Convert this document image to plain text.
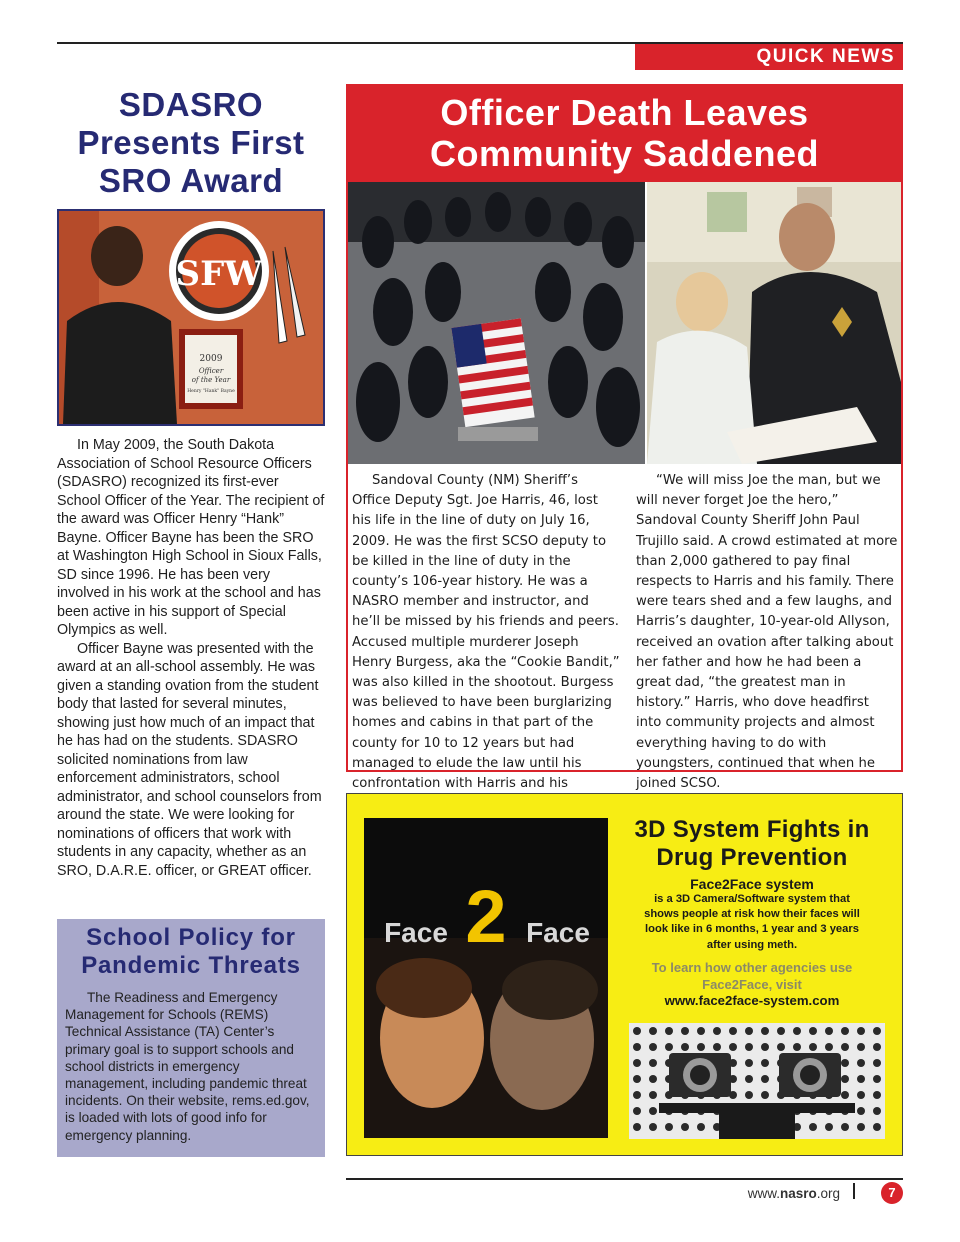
QUICK NEWS
SDASRO Presents First SRO Award
SFW
2009
Officer
of the Year
Henry "Hank" Bayne

In May 2009, the South Dakota Association of School Resource Officers (SDASRO) recognized its first-ever School Officer of the Year. The recipient of the award was Officer Henry “Hank” Bayne. Officer Bayne has been the SRO at Washington High School in Sioux Falls, SD since 1996. He has been very involved in his work at the school and has been active in his support of Special Olympics as well.

Officer Bayne was presented with the award at an all-school assembly. He was given a standing ovation from the student body that lasted for several minutes, showing just how much of an impact that he has had on the students. SDASRO solicited nominations from law enforcement administrators, school administrator, and school counselors from around the state. We were looking for nominations of officers that work with students in any capacity, whether as an SRO, D.A.R.E. officer, or GREAT officer.

School Policy for Pandemic Threats

The Readiness and Emergency Management for Schools (REMS) Technical Assistance (TA) Center’s primary goal is to support schools and school districts in emergency management, including pandemic threat incidents. On their website, rems.ed.gov, is loaded with lots of good info for emergency planning.

Officer Death Leaves Community Saddened

Sandoval County (NM) Sheriff’s Office Deputy Sgt. Joe Harris, 46, lost his life in the line of duty on July 16, 2009. He was the first SCSO deputy to be killed in the line of duty in the county’s 106-year history. He was a NASRO member and instructor, and he’ll be missed by his friends and peers. Accused multiple murderer Joseph Henry Burgess, aka the “Cookie Bandit,” was also killed in the shootout. Burgess was believed to have been burglarizing homes and cabins in that part of the county for 10 to 12 years but had managed to elude the law until his confrontation with Harris and his

“We will miss Joe the man, but we will never forget Joe the hero,” Sandoval County Sheriff John Paul Trujillo said. A crowd estimated at more than 2,000 gathered to pay final respects to Harris and his family. There were tears shed and a few laughs, and Harris’s daughter, 10-year-old Allyson, received an ovation after talking about her father and how he had been a great dad, “the greatest man in history.” Harris, who dove headfirst into community projects and almost everything having to do with youngsters, continued that when he joined SCSO.

Face 2 Face
3D System Fights in Drug Prevention
Face2Face system
is a 3D Camera/Software system that shows people at risk how their faces will look like in 6 months, 1 year and 3 years after using meth.
To learn how other agencies use Face2Face, visit
www.face2face-system.com
www.nasro.org	7
